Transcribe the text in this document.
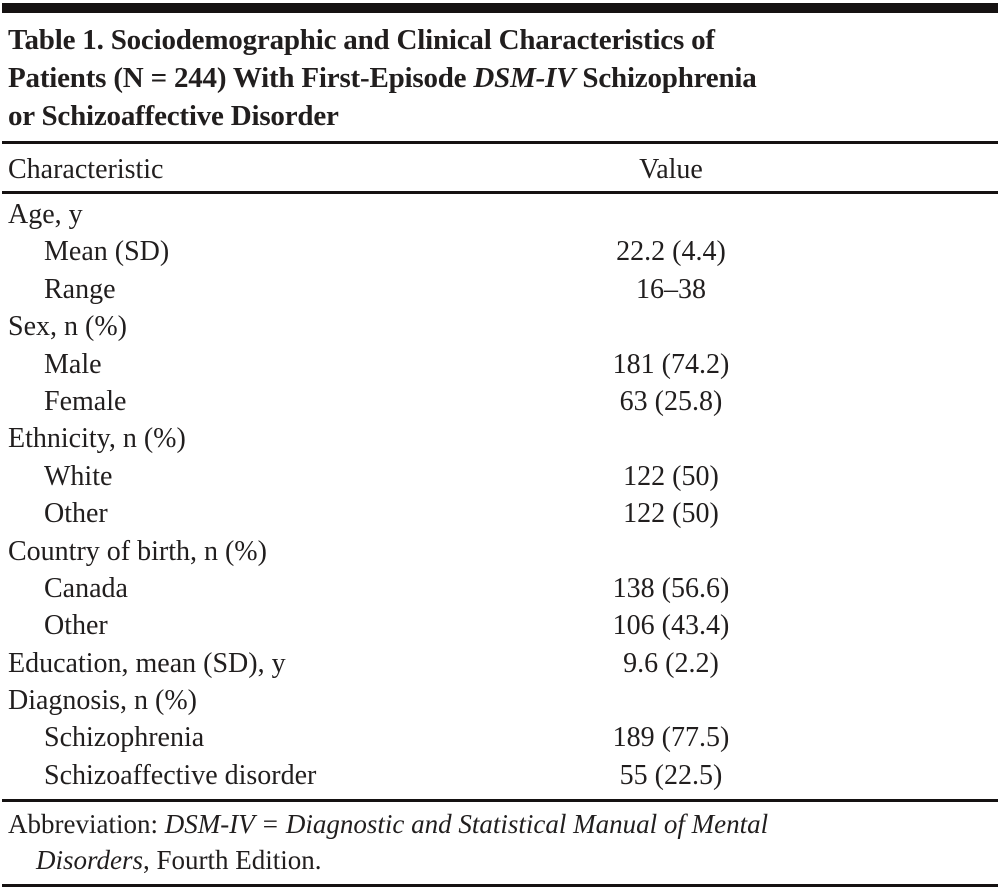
Table 1. Sociodemographic and Clinical Characteristics of
Patients (N = 244) With First-Episode DSM-IV Schizophrenia
or Schizoaffective Disorder
Characteristic	Value
Age, y
Mean (SD)	22.2 (4.4)
Range	16–38
Sex, n (%)
Male	181 (74.2)
Female	63 (25.8)
Ethnicity, n (%)
White	122 (50)
Other	122 (50)
Country of birth, n (%)
Canada	138 (56.6)
Other	106 (43.4)
Education, mean (SD), y	9.6 (2.2)
Diagnosis, n (%)
Schizophrenia	189 (77.5)
Schizoaffective disorder	55 (22.5)
Abbreviation: DSM-IV = Diagnostic and Statistical Manual of Mental
Disorders, Fourth Edition.
